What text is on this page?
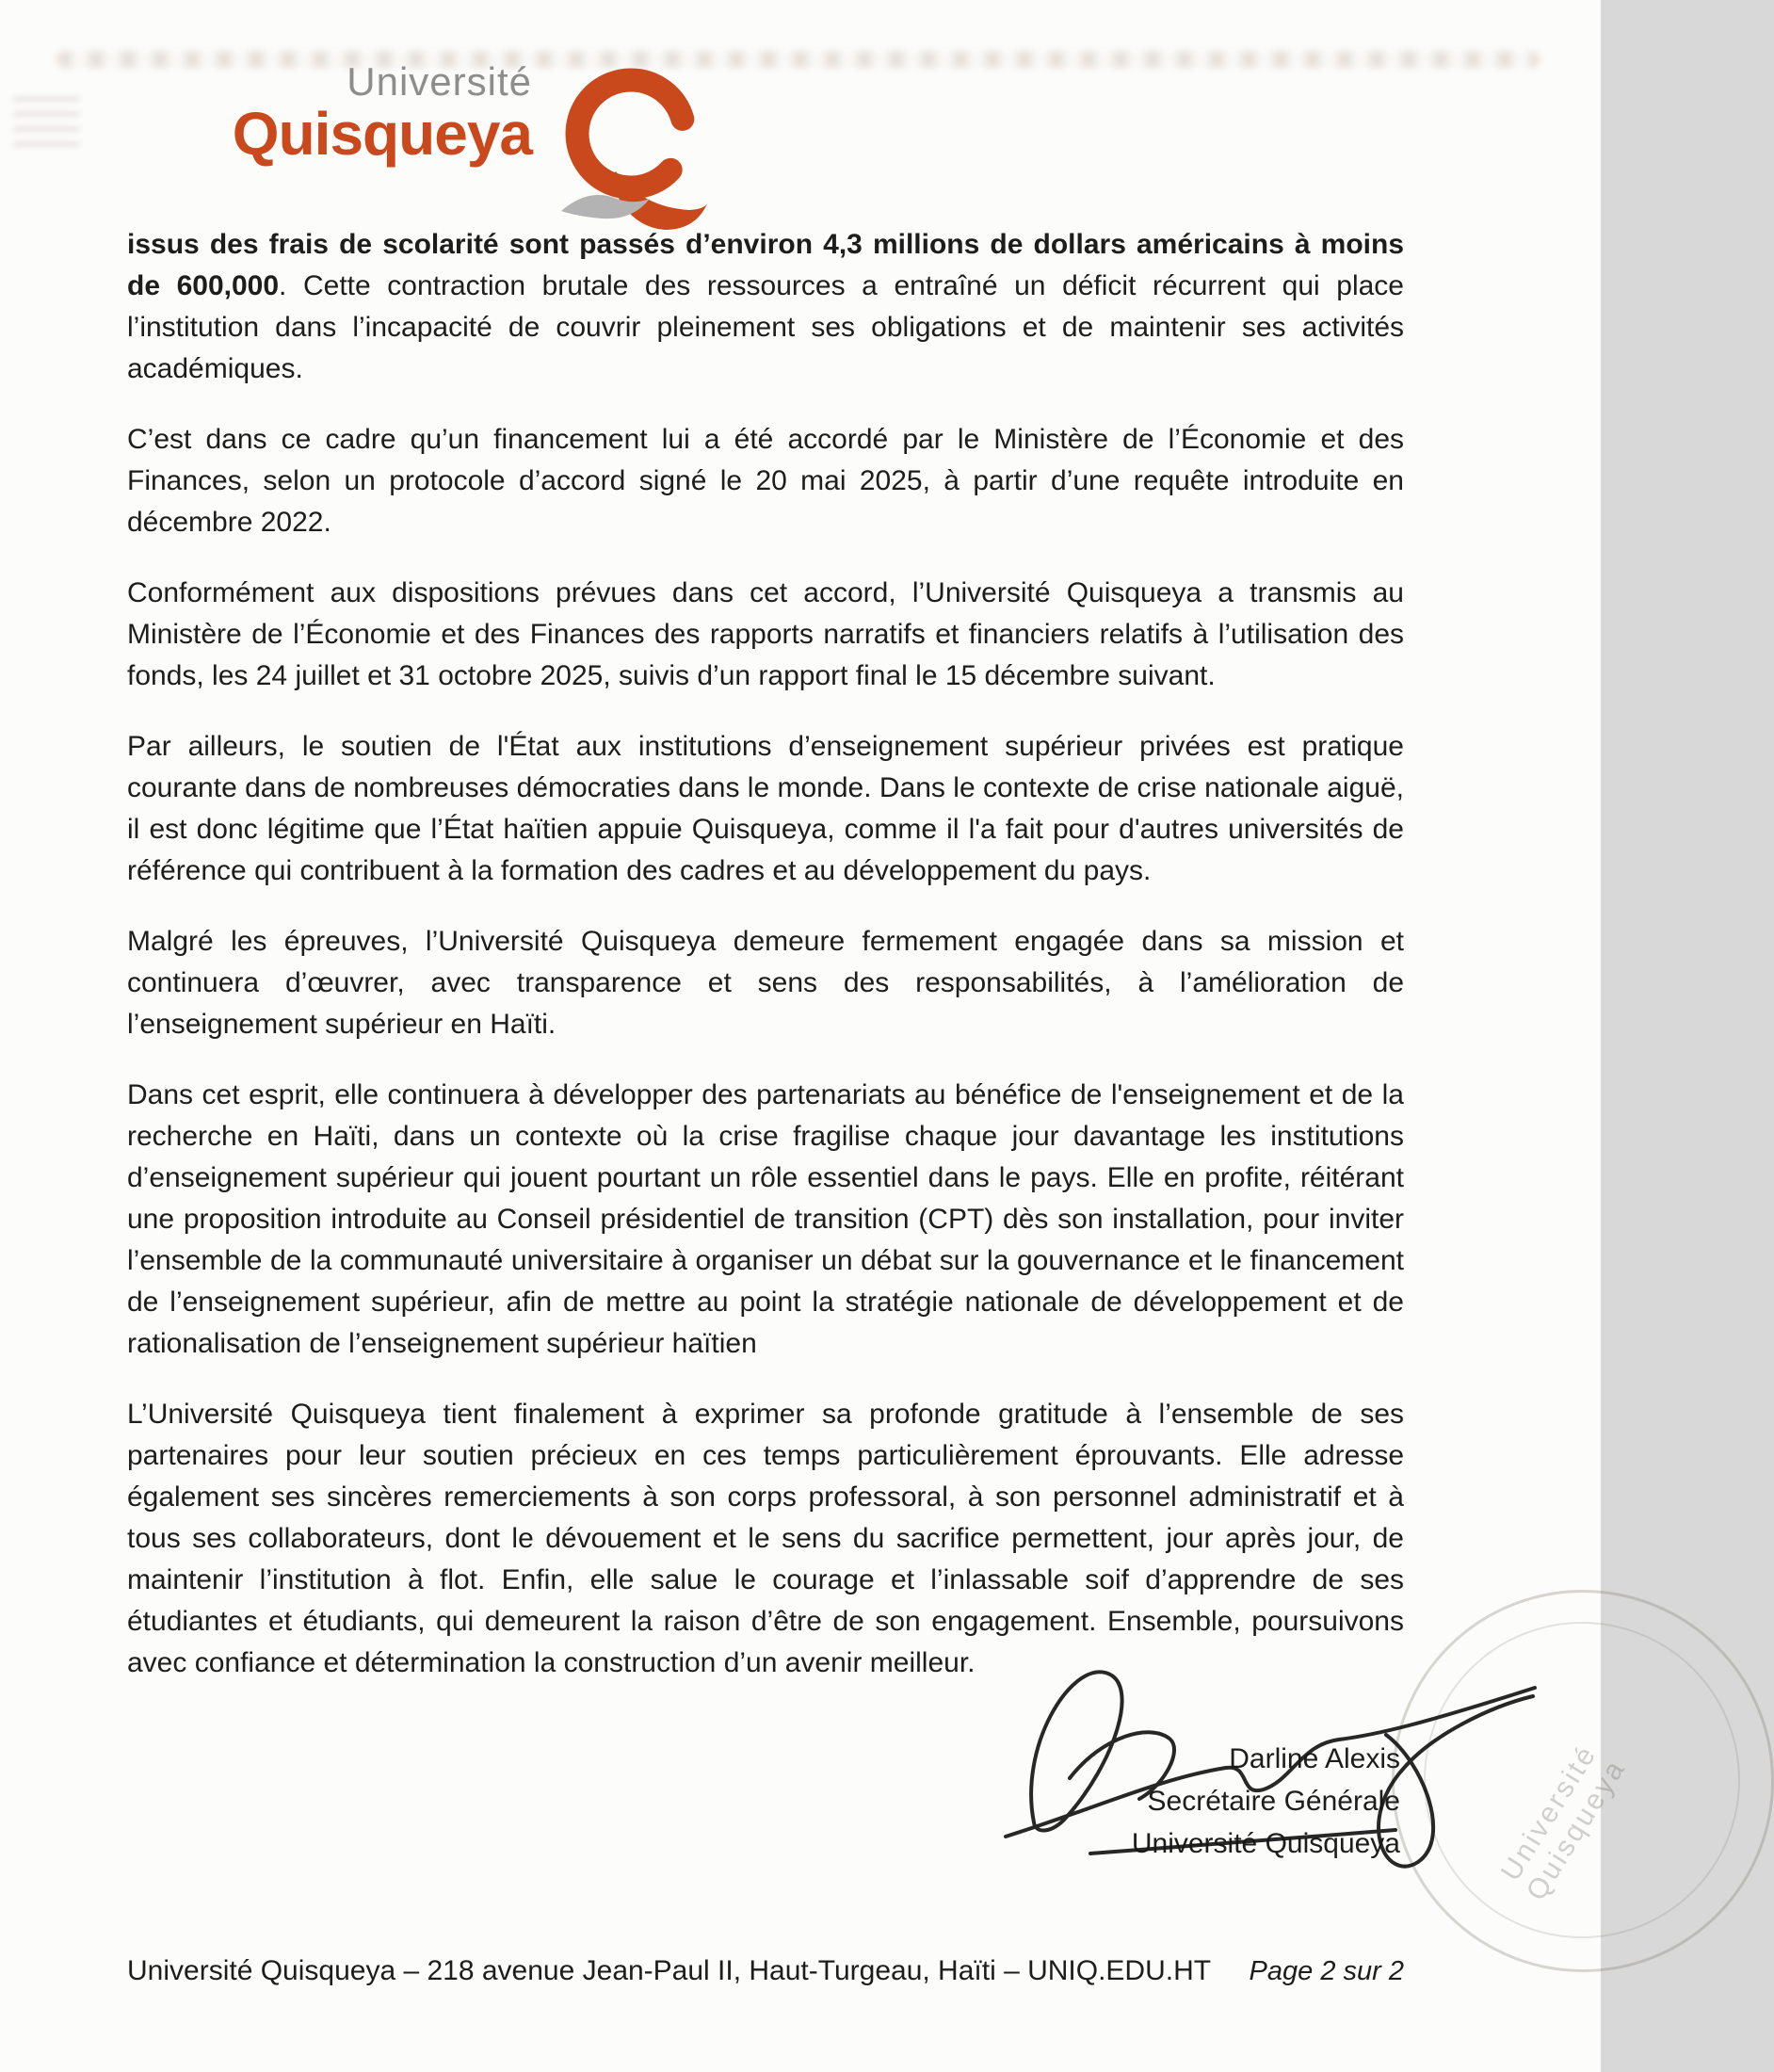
Université Quisqueya
Université
Quisqueya

issus des frais de scolarité sont passés d’environ 4,3 millions de dollars américains à moins de 600,000. Cette contraction brutale des ressources a entraîné un déficit récurrent qui place l’institution dans l’incapacité de couvrir pleinement ses obligations et de maintenir ses activités académiques.

C’est dans ce cadre qu’un financement lui a été accordé par le Ministère de l’Économie et des Finances, selon un protocole d’accord signé le 20 mai 2025, à partir d’une requête introduite en décembre 2022.

Conformément aux dispositions prévues dans cet accord, l’Université Quisqueya a transmis au Ministère de l’Économie et des Finances des rapports narratifs et financiers relatifs à l’utilisation des fonds, les 24 juillet et 31 octobre 2025, suivis d’un rapport final le 15 décembre suivant.

Par ailleurs, le soutien de l'État aux institutions d’enseignement supérieur privées est pratique courante dans de nombreuses démocraties dans le monde. Dans le contexte de crise nationale aiguë, il est donc légitime que l’État haïtien appuie Quisqueya, comme il l'a fait pour d'autres universités de référence qui contribuent à la formation des cadres et au développement du pays.

Malgré les épreuves, l’Université Quisqueya demeure fermement engagée dans sa mission et continuera d’œuvrer, avec transparence et sens des responsabilités, à l’amélioration de l’enseignement supérieur en Haïti.

Dans cet esprit, elle continuera à développer des partenariats au bénéfice de l'enseignement et de la recherche en Haïti, dans un contexte où la crise fragilise chaque jour davantage les institutions d’enseignement supérieur qui jouent pourtant un rôle essentiel dans le pays. Elle en profite, réitérant une proposition introduite au Conseil présidentiel de transition (CPT) dès son installation, pour inviter l’ensemble de la communauté universitaire à organiser un débat sur la gouvernance et le financement de l’enseignement supérieur, afin de mettre au point la stratégie nationale de développement et de rationalisation de l’enseignement supérieur haïtien

L’Université Quisqueya tient finalement à exprimer sa profonde gratitude à l’ensemble de ses partenaires pour leur soutien précieux en ces temps particulièrement éprouvants. Elle adresse également ses sincères remerciements à son corps professoral, à son personnel administratif et à tous ses collaborateurs, dont le dévouement et le sens du sacrifice permettent, jour après jour, de maintenir l’institution à flot. Enfin, elle salue le courage et l’inlassable soif d’apprendre de ses étudiantes et étudiants, qui demeurent la raison d’être de son engagement. Ensemble, poursuivons avec confiance et détermination la construction d’un avenir meilleur.

Darline Alexis
Secrétaire Générale
Université Quisqueya
Université Quisqueya – 218 avenue Jean-Paul II, Haut-Turgeau, Haïti – UNIQ.EDU.HT Page 2 sur 2
